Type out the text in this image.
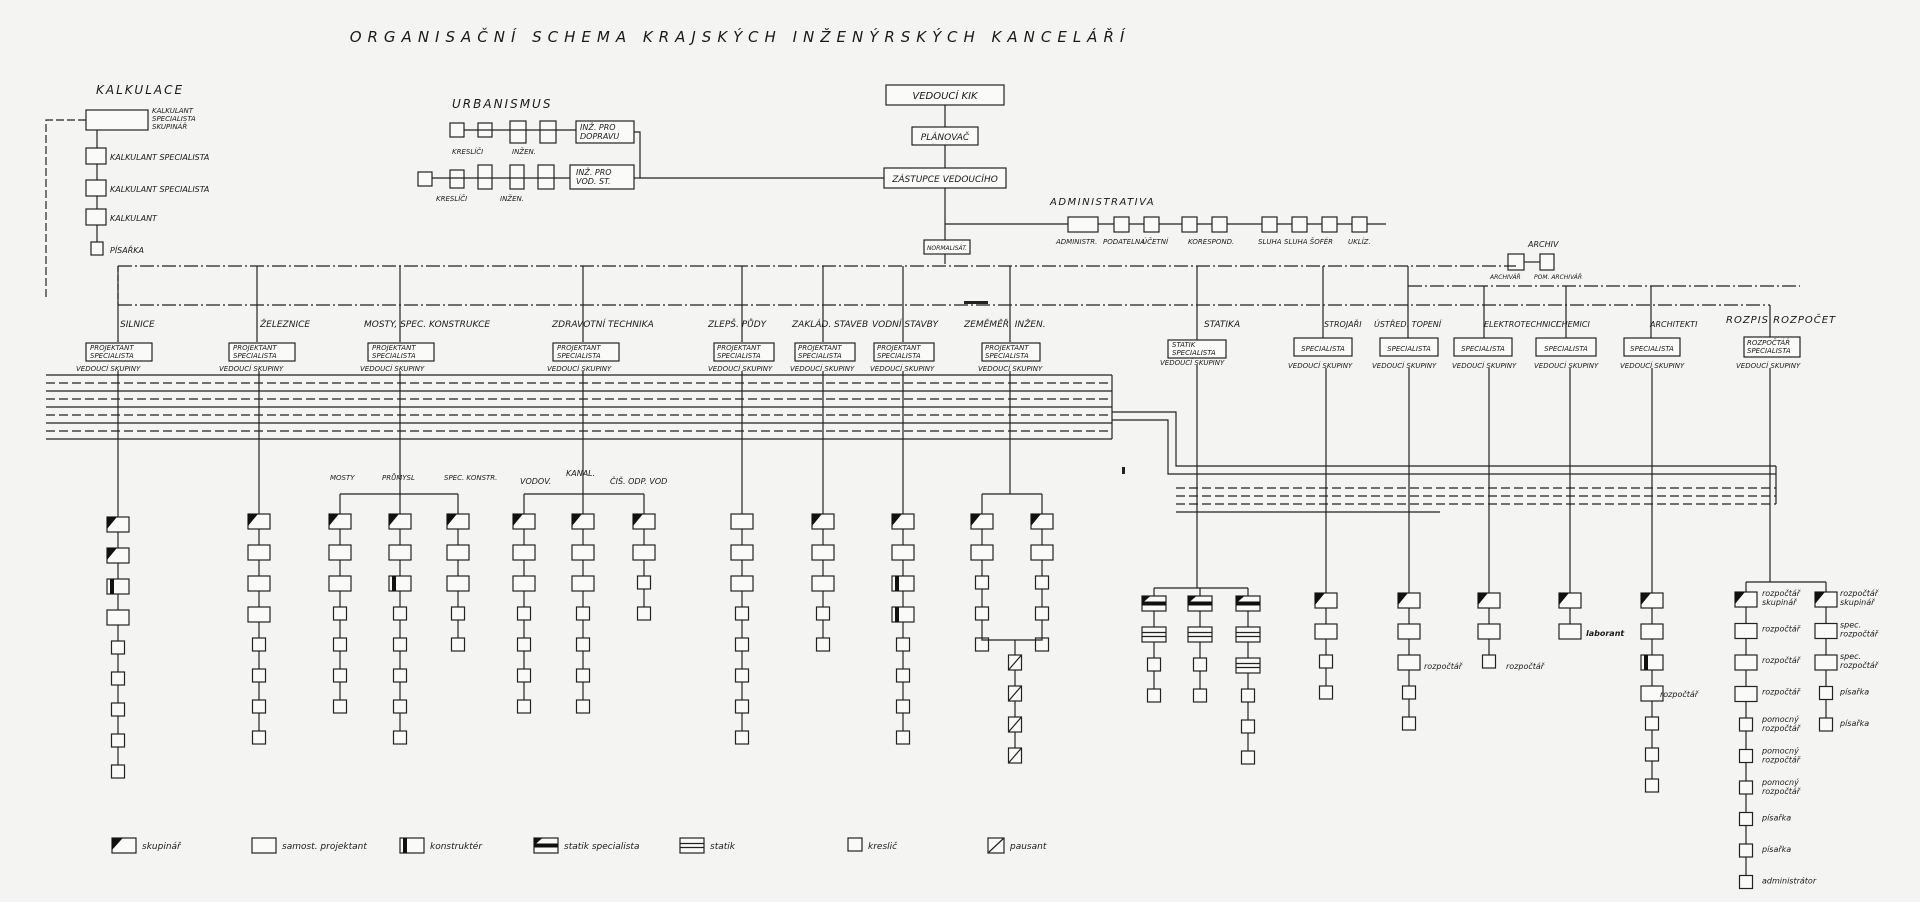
ORGANISAČNÍ SCHEMA KRAJSKÝCH INŽENÝRSKÝCH KANCELÁŘÍ
VEDOUCÍ KIK
PLÁNOVAČ
ZÁSTUPCE VEDOUCÍHO
NORMALISÁT.
KALKULACE
KALKULANT SPECIALISTA SKUPINÁŘ
KALKULANT SPECIALISTA
KALKULANT SPECIALISTA
KALKULANT
PÍSAŘKA
URBANISMUS
INŽ. PRO DOPRAVU
KRESLÍČI	INŽEN.
INŽ. PRO VOD. ST.
KRESLÍČI	INŽEN.	ADMINISTRATIVA
ADMINISTR. PODATELNA
ÚČETNÍ	KORESPOND.	SLUHA SLUHA ŠOFÉR UKLÍZ.	ARCHIV
ARCHIVÁŘ POM. ARCHIVÁŘ
SILNICE
PROJEKTANT
SPECIALISTA
VEDOUCÍ SKUPINY
ŽELEZNICE
PROJEKTANT
SPECIALISTA
VEDOUCÍ SKUPINY
MOSTY, SPEC. KONSTRUKCE
PROJEKTANT
SPECIALISTA
VEDOUCÍ SKUPINY
ZDRAVOTNÍ TECHNIKA
PROJEKTANT
SPECIALISTA
VEDOUCÍ SKUPINY
ZLEPŠ. PŮDY
PROJEKTANT
SPECIALISTA
VEDOUCÍ SKUPINY
ZAKLÁD. STAVEB
PROJEKTANT
SPECIALISTA
VEDOUCÍ SKUPINY
VODNÍ STAVBY
PROJEKTANT
SPECIALISTA
VEDOUCÍ SKUPINY
ZEMĚMĚŘ. INŽEN.
PROJEKTANT
SPECIALISTA
VEDOUCÍ SKUPINY
STATIKA
STATIK
SPECIALISTA
VEDOUCÍ SKUPINY
STROJAŘI
SPECIALISTA
VEDOUCÍ SKUPINY
ÚSTŘED. TOPENÍ
SPECIALISTA
VEDOUCÍ SKUPINY
ELEKTROTECHNICI
SPECIALISTA
VEDOUCÍ SKUPINY
CHEMICI
SPECIALISTA
VEDOUCÍ SKUPINY
ARCHITEKTI
SPECIALISTA
VEDOUCÍ SKUPINY
ROZPIS ROZPOČET
ROZPOČTÁŘ
SPECIALISTA
VEDOUCÍ SKUPINY
MOSTY	PRŮMYSL	SPEC. KONSTR.	VODOV.
KANAL.
ČIŠ. ODP. VOD
rozpočtář	rozpočtář
rozpočtář
laborant
rozpočtář skupinář
rozpočtář
rozpočtář
rozpočtář
pomocný rozpočtář
pomocný rozpočtář
pomocný rozpočtář
písařka
písařka
administrátor
rozpočtář skupinář
spec. rozpočtář
spec. rozpočtář
písařka
písařka
skupinář	samost. projektant	konstruktér	statik specialista	statik	kreslič	pausant
